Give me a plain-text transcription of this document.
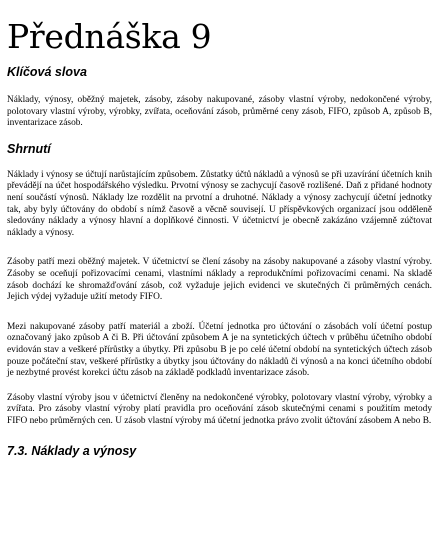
Přednáška 9
Klíčová slova

Náklady, výnosy, oběžný majetek, zásoby, zásoby nakupované, zásoby vlastní výroby, nedokončené výroby, polotovary vlastní výroby, výrobky, zvířata, oceňování zásob, průměrné ceny zásob, FIFO, způsob A, způsob B, inventarizace zásob.

Shrnutí

Náklady i výnosy se účtují narůstajícím způsobem. Zůstatky účtů nákladů a výnosů se při uzavírání účetních knih převádějí na účet hospodářského výsledku. Prvotní výnosy se zachycují časově rozlišené. Daň z přidané hodnoty není součástí výnosů. Náklady lze rozdělit na prvotní a druhotné. Náklady a výnosy zachycují účetní jednotky tak, aby byly účtovány do období s nímž časově a věcně souvisejí. U příspěvkových organizací jsou odděleně sledovány náklady a výnosy hlavní a doplňkové činnosti. V účetnictví je obecně zakázáno vzájemně zúčtovat náklady a výnosy.

Zásoby patří mezi oběžný majetek. V účetnictví se člení zásoby na zásoby nakupované a zásoby vlastní výroby. Zásoby se oceňují pořizovacími cenami, vlastními náklady a reprodukčními pořizovacími cenami. Na skladě zásob dochází ke shromažďování zásob, což vyžaduje jejich evidenci ve skutečných či průměrných cenách. Jejich výdej vyžaduje užití metody FIFO.

Mezi nakupované zásoby patří materiál a zboží. Účetní jednotka pro účtování o zásobách volí účetní postup označovaný jako způsob A či B. Při účtování způsobem A je na syntetických účtech v průběhu účetního období evidován stav a veškeré přírůstky a úbytky. Při způsobu B je po celé účetní období na syntetických účtech zásob pouze počáteční stav, veškeré přírůstky a úbytky jsou účtovány do nákladů či výnosů a na konci účetního období je nezbytné provést korekci účtu zásob na základě podkladů inventarizace zásob.

Zásoby vlastní výroby jsou v účetnictví členěny na nedokončené výrobky, polotovary vlastní výroby, výrobky a zvířata. Pro zásoby vlastní výroby platí pravidla pro oceňování zásob skutečnými cenami s použitím metody FIFO nebo průměrných cen. U zásob vlastní výroby má účetní jednotka právo zvolit účtování zásobem A nebo B.

7.3. Náklady a výnosy
